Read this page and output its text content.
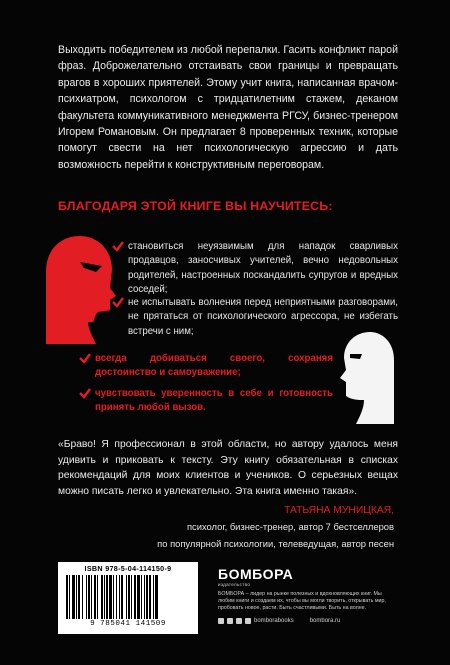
Выходить победителем из любой перепалки. Гасить конфликт парой фраз. Доброжелательно отстаивать свои границы и превращать врагов в хороших приятелей. Этому учит книга, написанная врачом-психиатром, психологом с тридцатилетним стажем, деканом факультета коммуникативного менеджмента РГСУ, бизнес-тренером Игорем Романовым. Он предлагает 8 проверенных техник, которые помогут свести на нет психологическую агрессию и дать возможность перейти к конструктивным переговорам.
БЛАГОДАРЯ ЭТОЙ КНИГЕ ВЫ НАУЧИТЕСЬ:
становиться неуязвимым для нападок сварливых продавцов, заносчивых учителей, вечно недовольных родителей, настроенных поскандалить супругов и вредных соседей;
не испытывать волнения перед неприятными разговорами, не прятаться от психологического агрессора, не избегать встречи с ним;
всегда добиваться своего, сохраняя достоинство и самоуважение;
чувствовать уверенность в себе и готовность принять любой вызов.
«Браво! Я профессионал в этой области, но автору удалось меня удивить и приковать к тексту. Эту книгу обязательная в списках рекомендаций для моих клиентов и учеников. О серьезных вещах можно писать легко и увлекательно. Эта книга именно такая».
ТАТЬЯНА МУНИЦКАЯ,
психолог, бизнес-тренер, автор 7 бестселлеров
по популярной психологии, телеведущая, автор песен
ISBN 978-5-04-114150-9
9 785041 141509
БОМБОРА
издательство
БОМБОРА – лидер на рынке полезных и вдохновляющих книг. Мы любим книги и создаем их, чтобы вы могли творить, открывать мир, пробовать новое, расти. Быть счастливыми. Быть на волне.
bomborabooks	bombora.ru
